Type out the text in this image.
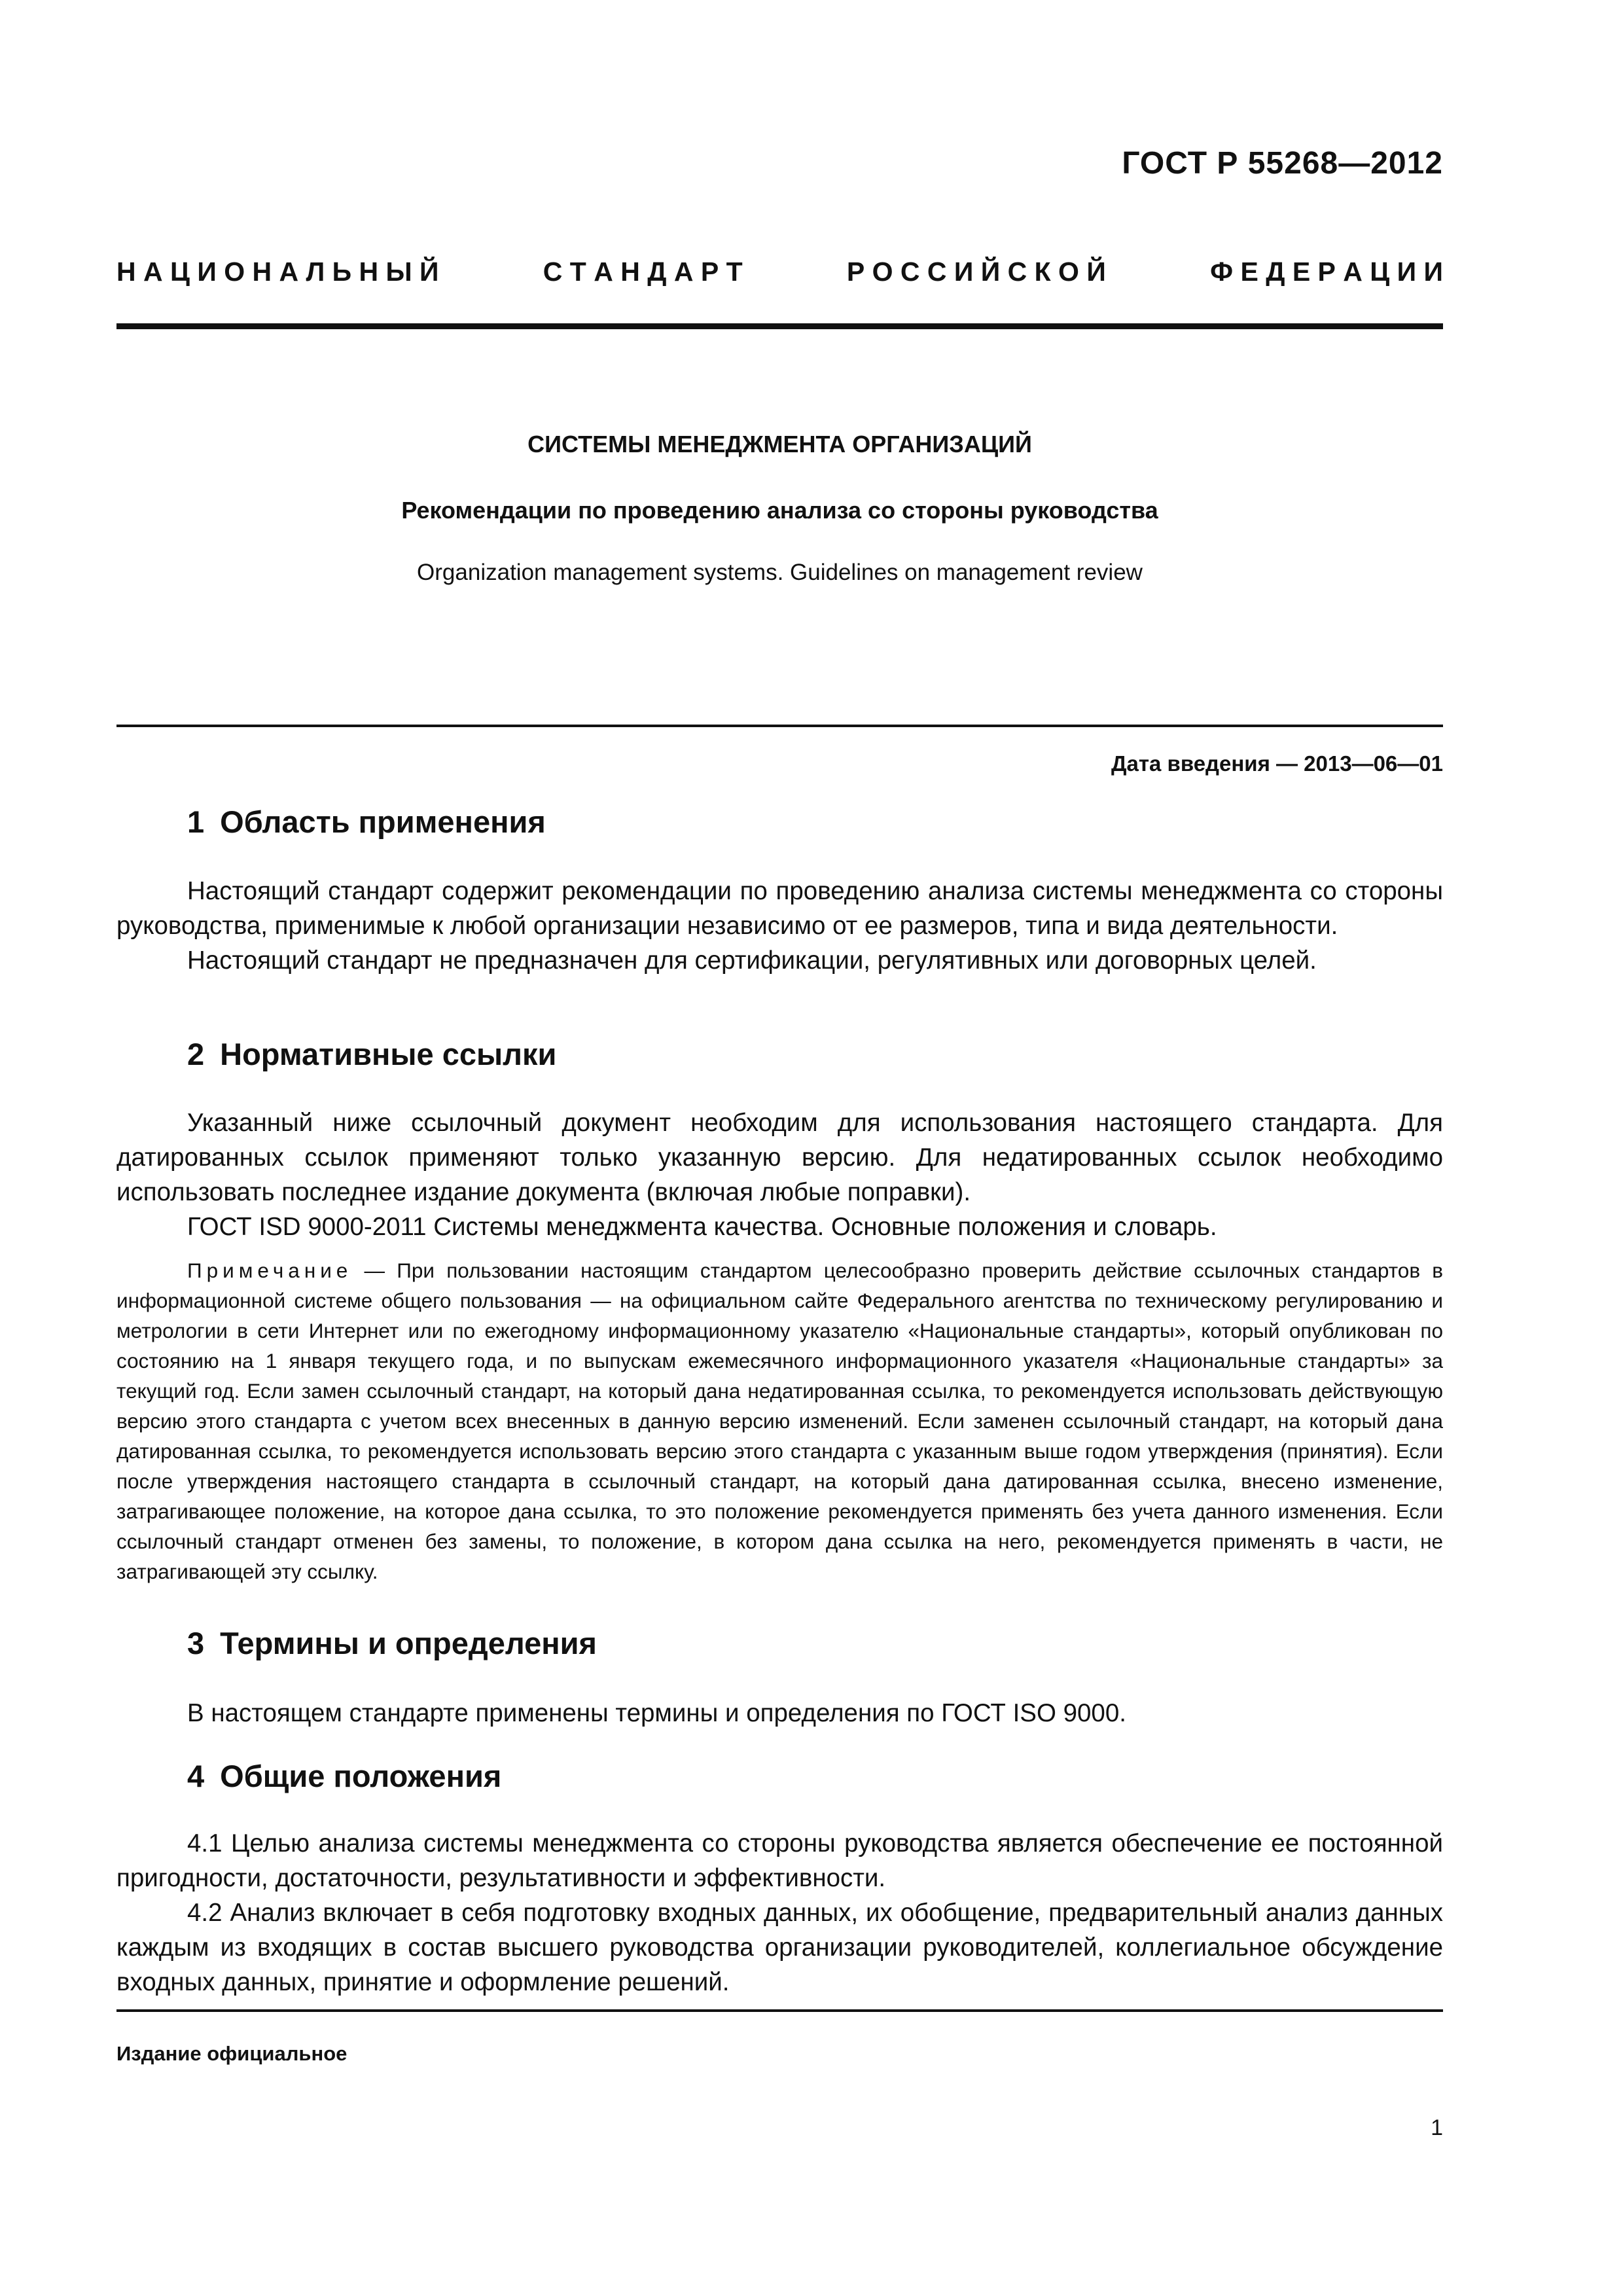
ГОСТ Р 55268—2012
Н А Ц И О Н А Л Ь Н Ы Й	С Т А Н Д А Р Т	Р О С С И Й С К О Й	Ф Е Д Е Р А Ц И И
СИСТЕМЫ МЕНЕДЖМЕНТА ОРГАНИЗАЦИЙ
Рекомендации по проведению анализа со стороны руководства
Organization management systems. Guidelines on management review
Дата введения — 2013—06—01
1 Область применения

Настоящий стандарт содержит рекомендации по проведению анализа системы менеджмента со стороны руководства, применимые к любой организации независимо от ее размеров, типа и вида деятельности.

Настоящий стандарт не предназначен для сертификации, регулятивных или договорных целей.

2 Нормативные ссылки

Указанный ниже ссылочный документ необходим для использования настоящего стандарта. Для датированных ссылок применяют только указанную версию. Для недатированных ссылок необходимо использовать последнее издание документа (включая любые поправки).

ГОСТ ISD 9000-2011 Системы менеджмента качества. Основные положения и словарь.

Примечание — При пользовании настоящим стандартом целесообразно проверить действие ссылочных стандартов в информационной системе общего пользования — на официальном сайте Федерального агентства по техническому регулированию и метрологии в сети Интернет или по ежегодному информационному указателю «Национальные стандарты», который опубликован по состоянию на 1 января текущего года, и по выпускам ежемесячного информационного указателя «Национальные стандарты» за текущий год. Если замен ссылочный стандарт, на который дана недатированная ссылка, то рекомендуется использовать действующую версию этого стандарта с учетом всех внесенных в данную версию изменений. Если заменен ссылочный стандарт, на который дана датированная ссылка, то рекомендуется использовать версию этого стандарта с указанным выше годом утверждения (принятия). Если после утверждения настоящего стандарта в ссылочный стандарт, на который дана датированная ссылка, внесено изменение, затрагивающее положение, на которое дана ссылка, то это положение рекомендуется применять без учета данного изменения. Если ссылочный стандарт отменен без замены, то положение, в котором дана ссылка на него, рекомендуется применять в части, не затрагивающей эту ссылку.

3 Термины и определения

В настоящем стандарте применены термины и определения по ГОСТ ISO 9000.

4 Общие положения

4.1 Целью анализа системы менеджмента со стороны руководства является обеспечение ее постоянной пригодности, достаточности, результативности и эффективности.

4.2 Анализ включает в себя подготовку входных данных, их обобщение, предварительный анализ данных каждым из входящих в состав высшего руководства организации руководителей, коллегиальное обсуждение входных данных, принятие и оформление решений.

Издание официальное
1
